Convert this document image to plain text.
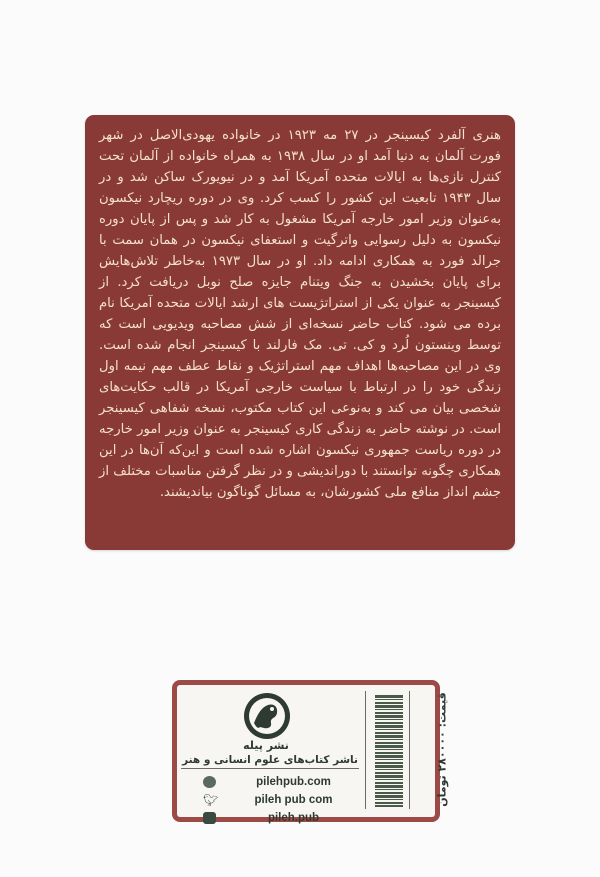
هنری آلفرد کیسینجر در ۲۷ مه ۱۹۲۳ در خانواده یهودی‌الاصل در شهر فورت آلمان به دنیا آمد او در سال ۱۹۳۸ به همراه خانواده از آلمان تحت کنترل نازی‌ها به ایالات متحده آمریکا آمد و در نیویورک ساکن شد و در سال ۱۹۴۳ تابعیت این کشور را کسب کرد. وی در دوره ریچارد نیکسون به‌عنوان وزیر امور خارجه آمریکا مشغول به کار شد و پس از پایان دوره نیکسون به دلیل رسوایی واترگیت و استعفای نیکسون در همان سمت با جرالد فورد به همکاری ادامه داد. او در سال ۱۹۷۳ به‌خاطر تلاش‌هایش برای پایان بخشیدن به جنگ ویتنام جایزه صلح نوبل دریافت کرد. از کیسینجر به عنوان یکی از استراتژیست های ارشد ایالات متحده آمریکا نام برده می شود. کتاب حاضر نسخه‌ای از شش مصاحبه ویدیویی است که توسط وینستون لُرد و کی. تی. مک فارلند با کیسینجر انجام شده است. وی در این مصاحبه‌ها اهداف مهم استراتژیک و نقاط عطف مهم نیمه اول زندگی خود را در ارتباط با سیاست خارجی آمریکا در قالب حکایت‌های شخصی بیان می کند و به‌نوعی این کتاب مکتوب، نسخه شفاهی کیسینجر است. در نوشته حاضر به زندگی کاری کیسینجر به عنوان وزیر امور خارجه در دوره ریاست جمهوری نیکسون اشاره شده است و این‌که آن‌ها در این همکاری چگونه توانستند با دوراندیشی و در نظر گرفتن مناسبات مختلف از جشم انداز منافع ملی کشورشان، به مسائل گوناگون بیاندیشند.

نشر پیله
ناشر کتاب‌های علوم انسانی و هنر
pilehpub.com
🐦︎	pileh pub com
pileh.pub
قیمت: ۲۸۰۰۰۰ تومان
